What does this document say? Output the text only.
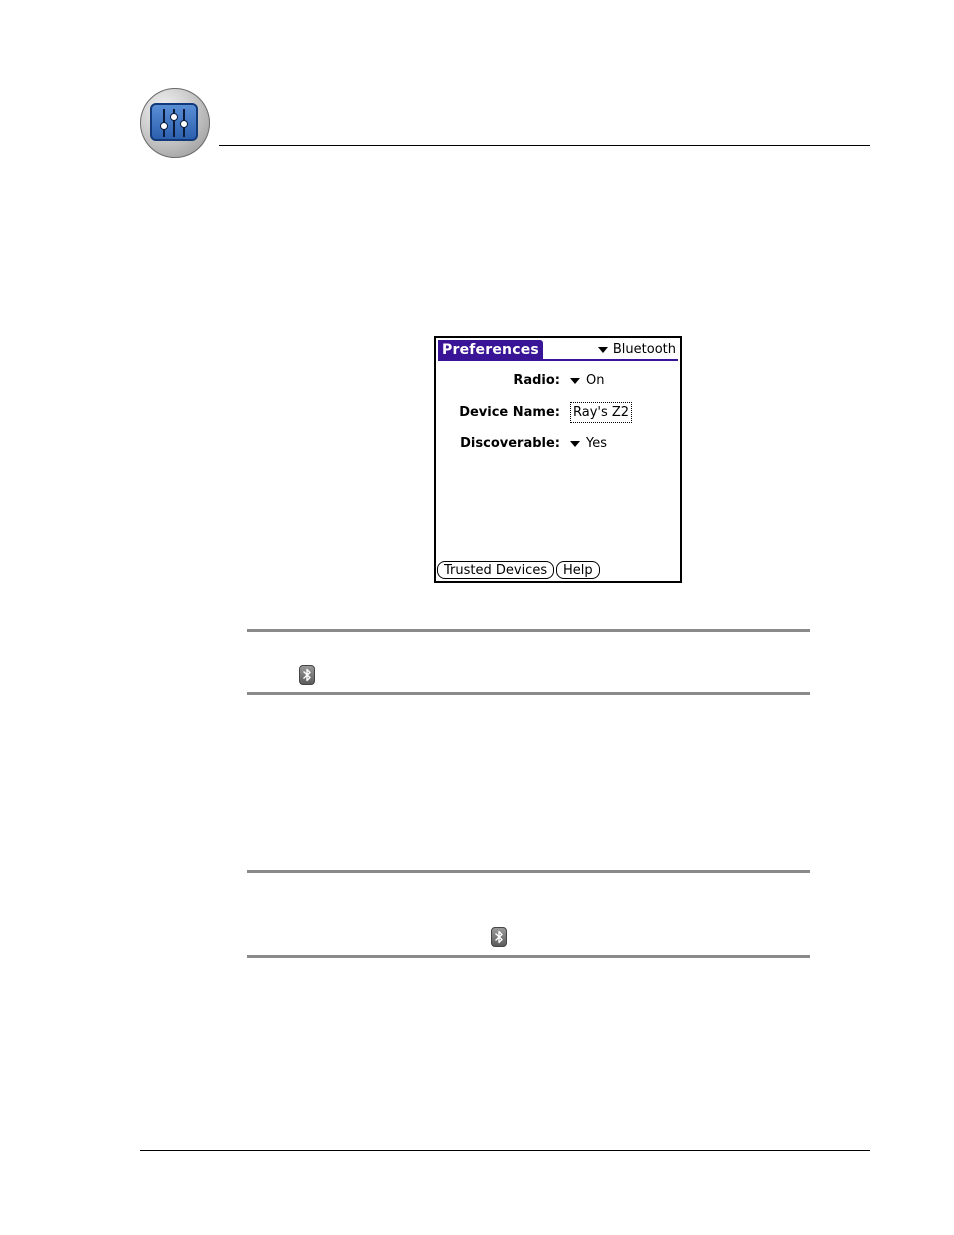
Preferences	Bluetooth
Radio: On
Device Name: Ray's Z2
Discoverable: Yes
Trusted Devices	Help
